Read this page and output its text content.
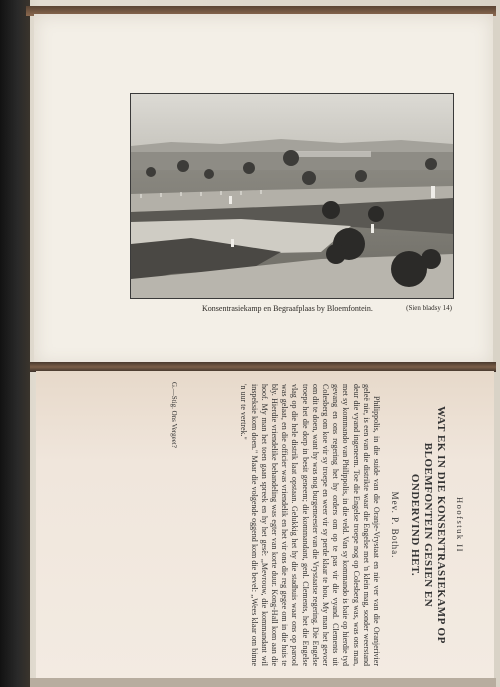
Konsentrasiekamp en Begraafplaas by Bloemfontein.	(Sien bladsy 14)
Hoofstuk II
WAT EK IN DIE KONSENTRASIEKAMP OP
BLOEMFONTEIN GESIEN EN
ONDERVIND HET.
Mev. P. Botha.

Philippolis, in die suide van die Oranje-Vrystaat en nie ver van die Oranjerivier geleë nie, is een van die distrikte waar die Engelse met 'n klein mag, sonder weerstand deur die vyand ingeneem. Toe die Engelse troepe nog op Colesberg was, was ons man, met sy kommando van Philippolis, in die veld. Van sy kommando is baie op hierdie tyd gevang en ons regering het hy orders om op te pas vir die vyand. Clements uit Colesberg om koe vir sy troepe en weer vir sy perde klaar te hou. My man het gevoer om dit te doen, want hy was nog burgemeester van die Vrystaatse regering. Die Engelse troepe het die dorp in besit geneem; die kommandant, genl. Clements, het die Engelse vlag op die hele distrik laat opstaan. Gelukkig het hy die stadhuis waar ons op parool was gelaat, en die officier was vriendelik en het vir ons die reg gegee om in die huis te bly. Hierdie vriendelike behandeling was egter van korte duur. Kong-Hall kom aan die hoof. My man het toen gaan spreek en hy het gesê: ,,Mevrouw, die kommandant wil inspeksie kom doen." Maar die volgende oggend kom die bevel: ,,Wees klaar om binne 'n uur te vertrek."

G.—Stig. Ons Vergeet?
